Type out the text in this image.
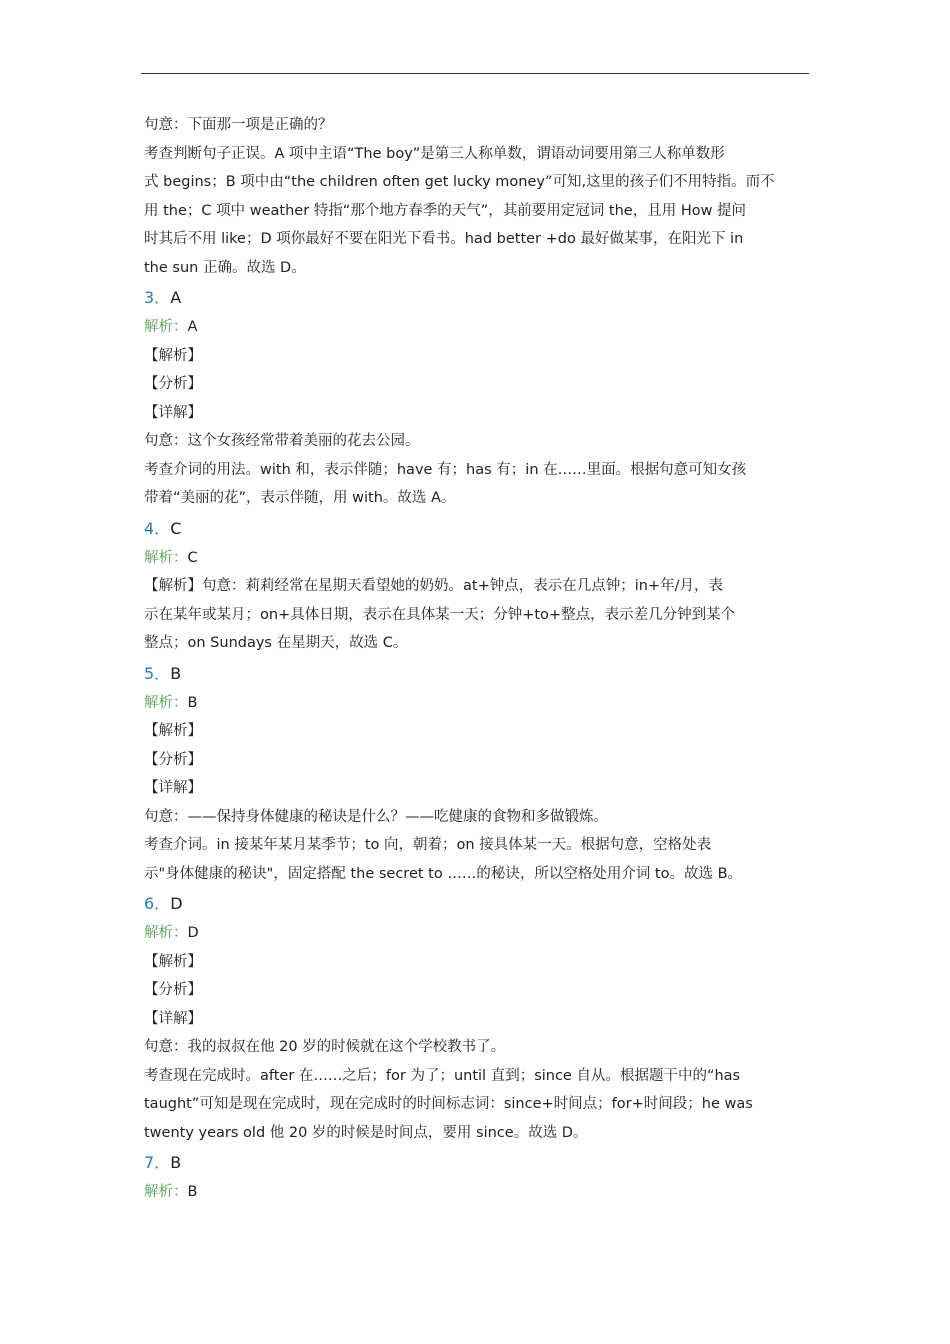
句意：下面那一项是正确的？
考查判断句子正误。A 项中主语“The boy”是第三人称单数，谓语动词要用第三人称单数形
式 begins；B 项中由“the children often get lucky money”可知,这里的孩子们不用特指。而不
用 the；C 项中 weather 特指“那个地方春季的天气”，其前要用定冠词 the，且用 How 提问
时其后不用 like；D 项你最好不要在阳光下看书。had better +do 最好做某事，在阳光下 in
the sun 正确。故选 D。
3．A
解析：A
【解析】
【分析】
【详解】
句意：这个女孩经常带着美丽的花去公园。
考查介词的用法。with 和，表示伴随；have 有；has 有；in 在……里面。根据句意可知女孩
带着“美丽的花”，表示伴随，用 with。故选 A。
4．C
解析：C
【解析】句意：莉莉经常在星期天看望她的奶奶。at+钟点，表示在几点钟；in+年/月，表
示在某年或某月；on+具体日期，表示在具体某一天；分钟+to+整点，表示差几分钟到某个
整点；on Sundays 在星期天，故选 C。
5．B
解析：B
【解析】
【分析】
【详解】
句意：——保持身体健康的秘诀是什么？——吃健康的食物和多做锻炼。
考查介词。in 接某年某月某季节；to 向，朝着；on 接具体某一天。根据句意，空格处表
示"身体健康的秘诀"，固定搭配 the secret to ……的秘诀，所以空格处用介词 to。故选 B。
6．D
解析：D
【解析】
【分析】
【详解】
句意：我的叔叔在他 20 岁的时候就在这个学校教书了。
考查现在完成时。after 在……之后；for 为了；until 直到；since 自从。根据题干中的“has
taught”可知是现在完成时，现在完成时的时间标志词：since+时间点；for+时间段；he was
twenty years old 他 20 岁的时候是时间点，要用 since。故选 D。
7．B
解析：B
